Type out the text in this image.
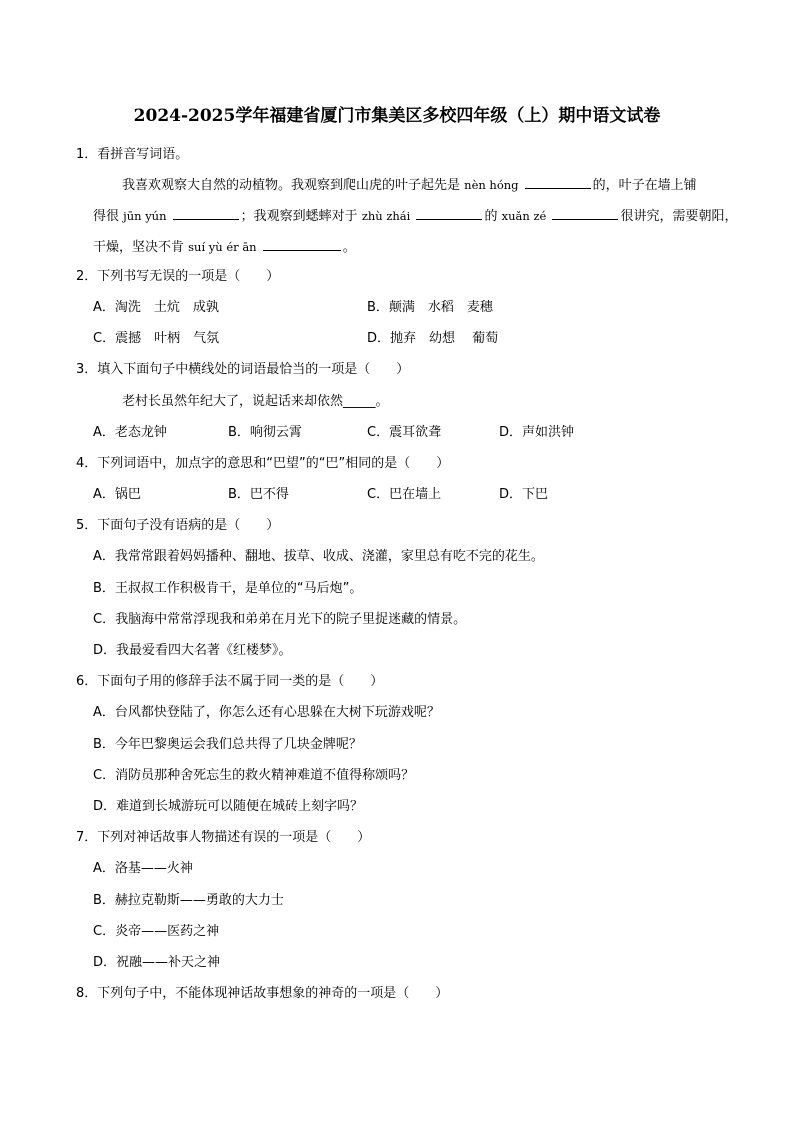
2024-2025学年福建省厦门市集美区多校四年级（上）期中语文试卷
1．看拼音写词语。
我喜欢观察大自然的动植物。我观察到爬山虎的叶子起先是 nèn hóng	的，叶子在墙上铺
得很 jūn yún	；我观察到蟋蟀对于 zhù zhái	的 xuǎn zé	很讲究，需要朝阳，
干燥，坚决不肯 suí yù ér ān	。
2．下列书写无误的一项是（　　）
A．淘洗　土炕　成孰	B．颠满　水稻　麦穗
C．震撼　叶柄　气氛	D．抛弃　幼想　 葡萄
3．填入下面句子中横线处的词语最恰当的一项是（　　）
老村长虽然年纪大了，说起话来却依然_____。
A．老态龙钟	B．响彻云霄	C．震耳欲聋	D．声如洪钟
4．下列词语中，加点字的意思和“巴望”的“巴”相同的是（　　）
A．锅巴	B．巴不得	C．巴在墙上	D．下巴
5．下面句子没有语病的是（　　）
A．我常常跟着妈妈播种、翻地、拔草、收成、浇灌，家里总有吃不完的花生。
B．王叔叔工作积极肯干，是单位的“马后炮”。
C．我脑海中常常浮现我和弟弟在月光下的院子里捉迷藏的情景。
D．我最爱看四大名著《红楼梦》。
6．下面句子用的修辞手法不属于同一类的是（　　）
A．台风都快登陆了，你怎么还有心思躲在大树下玩游戏呢？
B．今年巴黎奥运会我们总共得了几块金牌呢？
C．消防员那种舍死忘生的救火精神难道不值得称颂吗？
D．难道到长城游玩可以随便在城砖上刻字吗？
7．下列对神话故事人物描述有误的一项是（　　）
A．洛基——火神
B．赫拉克勒斯——勇敢的大力士
C．炎帝——医药之神
D．祝融——补天之神
8．下列句子中，不能体现神话故事想象的神奇的一项是（　　）
